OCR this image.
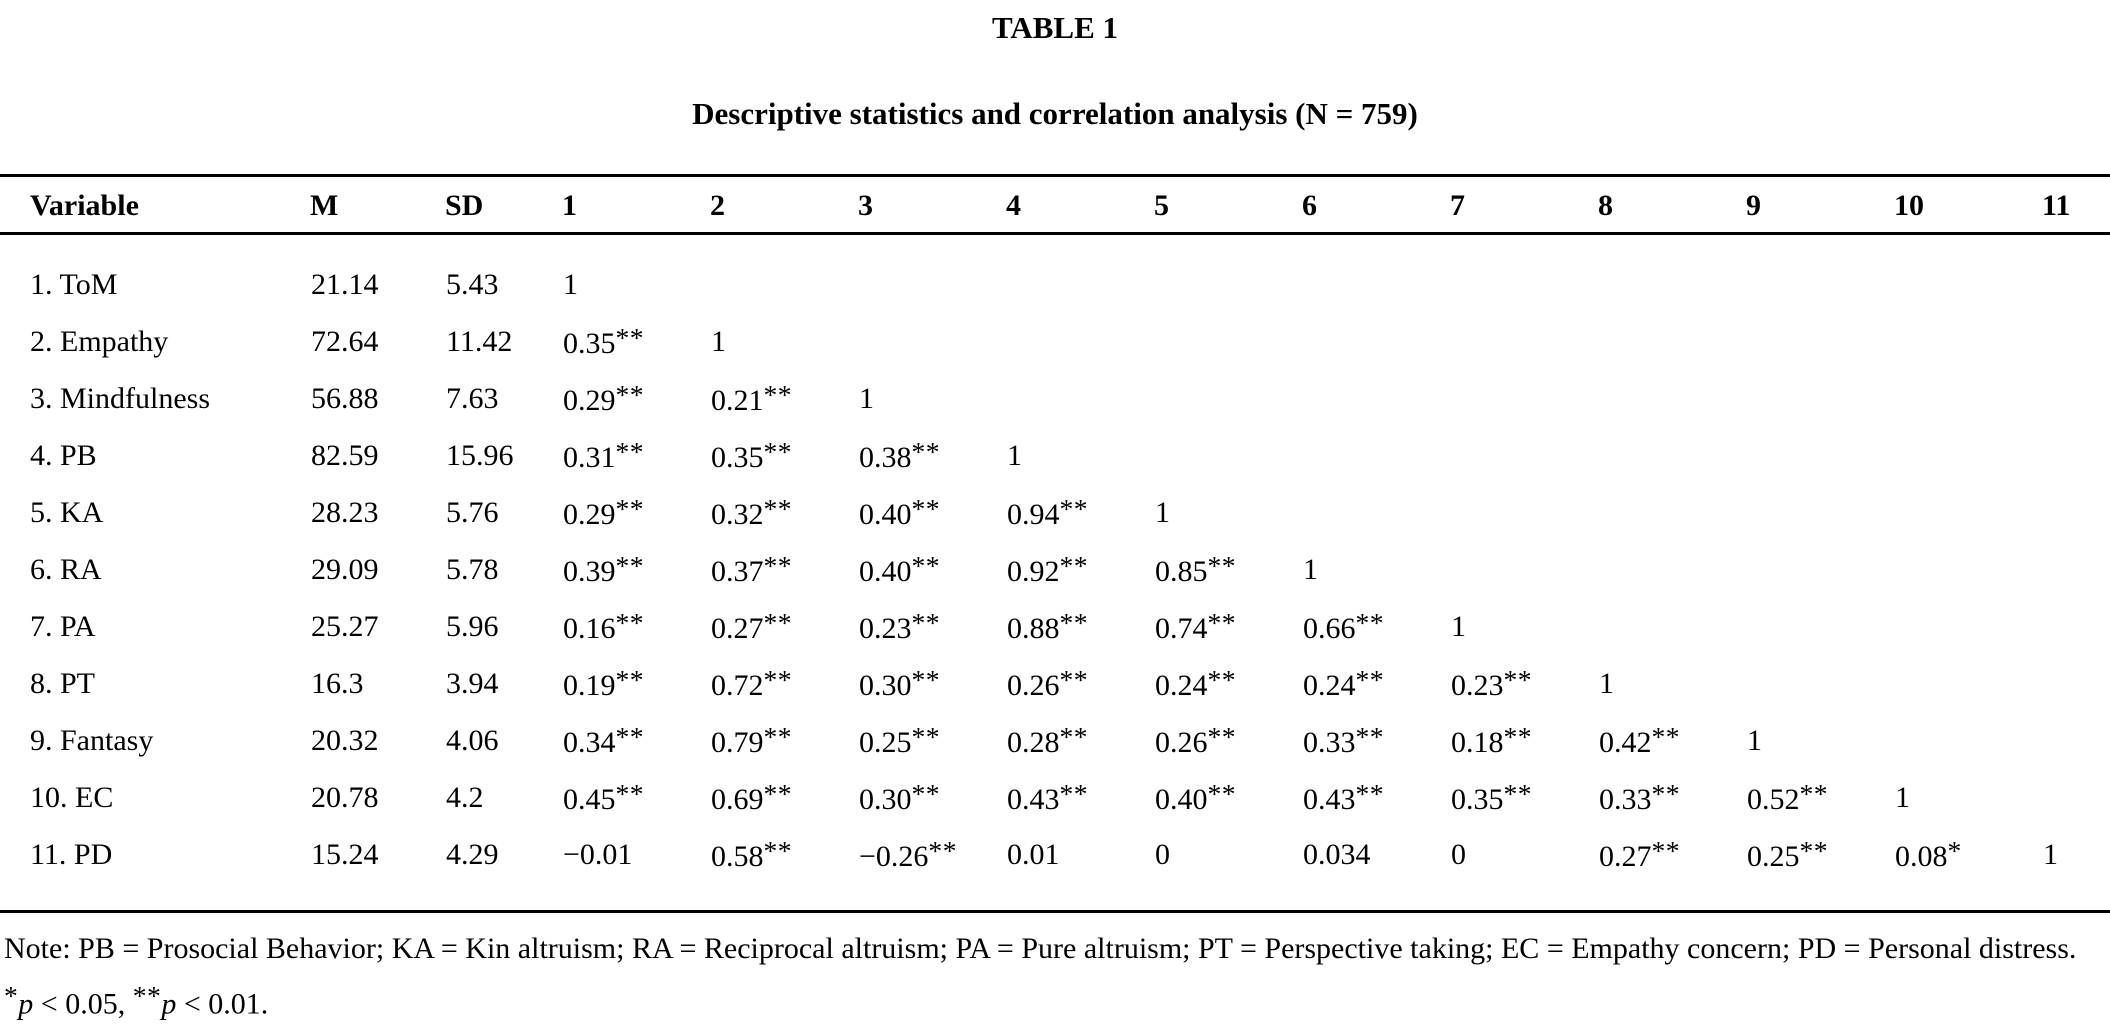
TABLE 1
Descriptive statistics and correlation analysis (N = 759)
Variable	M	SD	1	2	3	4	5	6	7	8	9	10	11
1. ToM	21.14	5.43	1										
2. Empathy	72.64	11.42	0.35**	1									
3. Mindfulness	56.88	7.63	0.29**	0.21**	1								
4. PB	82.59	15.96	0.31**	0.35**	0.38**	1							
5. KA	28.23	5.76	0.29**	0.32**	0.40**	0.94**	1						
6. RA	29.09	5.78	0.39**	0.37**	0.40**	0.92**	0.85**	1					
7. PA	25.27	5.96	0.16**	0.27**	0.23**	0.88**	0.74**	0.66**	1				
8. PT	16.3	3.94	0.19**	0.72**	0.30**	0.26**	0.24**	0.24**	0.23**	1			
9. Fantasy	20.32	4.06	0.34**	0.79**	0.25**	0.28**	0.26**	0.33**	0.18**	0.42**	1		
10. EC	20.78	4.2	0.45**	0.69**	0.30**	0.43**	0.40**	0.43**	0.35**	0.33**	0.52**	1	
11. PD	15.24	4.29	−0.01	0.58**	−0.26**	0.01	0	0.034	0	0.27**	0.25**	0.08*	1
Note: PB = Prosocial Behavior; KA = Kin altruism; RA = Reciprocal altruism; PA = Pure altruism; PT = Perspective taking; EC = Empathy concern; PD = Personal distress. *p < 0.05, **p < 0.01.
